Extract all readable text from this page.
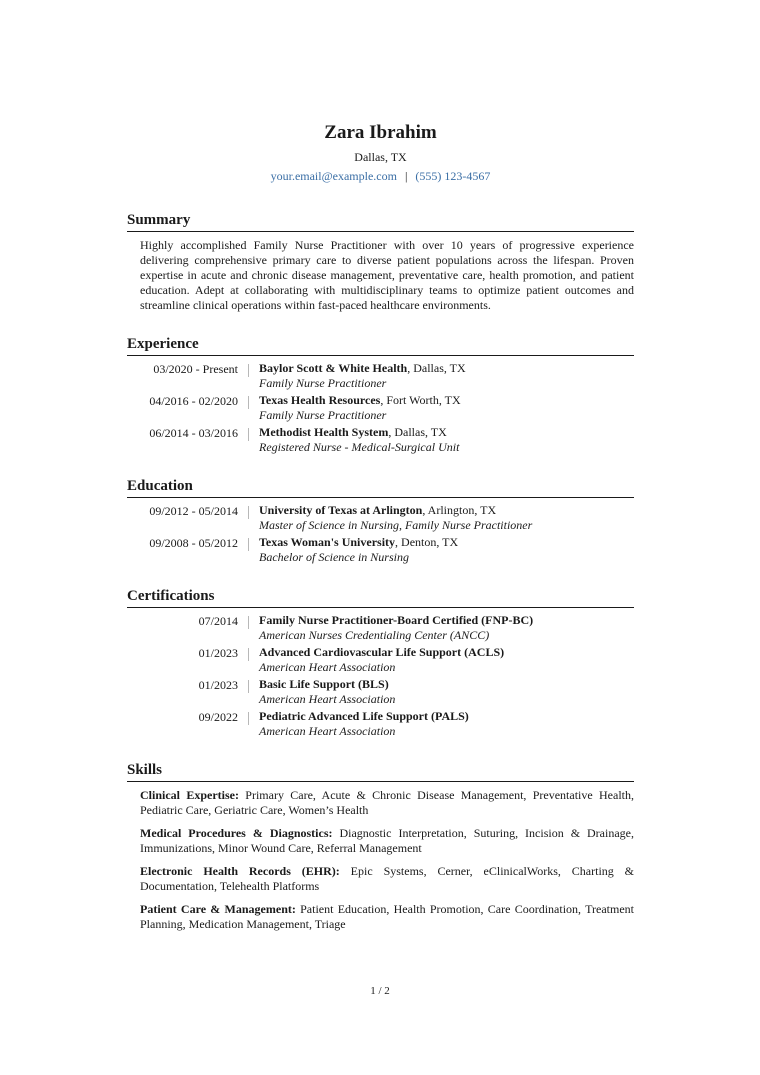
Zara Ibrahim
Dallas, TX
your.email@example.com | (555) 123-4567
Summary
Highly accomplished Family Nurse Practitioner with over 10 years of progressive experience delivering comprehensive primary care to diverse patient populations across the lifespan. Proven expertise in acute and chronic disease management, preventative care, health promotion, and patient education. Adept at collaborating with multidisciplinary teams to optimize patient outcomes and streamline clinical operations within fast-paced healthcare environments.
Experience
03/2020 - Present Baylor Scott & White Health, Dallas, TX
Family Nurse Practitioner
04/2016 - 02/2020 Texas Health Resources, Fort Worth, TX
Family Nurse Practitioner
06/2014 - 03/2016 Methodist Health System, Dallas, TX
Registered Nurse - Medical-Surgical Unit
Education
09/2012 - 05/2014 University of Texas at Arlington, Arlington, TX
Master of Science in Nursing, Family Nurse Practitioner
09/2008 - 05/2012 Texas Woman's University, Denton, TX
Bachelor of Science in Nursing
Certifications
07/2014 Family Nurse Practitioner-Board Certified (FNP-BC)
American Nurses Credentialing Center (ANCC)
01/2023 Advanced Cardiovascular Life Support (ACLS)
American Heart Association
01/2023 Basic Life Support (BLS)
American Heart Association
09/2022 Pediatric Advanced Life Support (PALS)
American Heart Association
Skills
Clinical Expertise: Primary Care, Acute & Chronic Disease Management, Preventative Health, Pediatric Care, Geriatric Care, Women’s Health
Medical Procedures & Diagnostics: Diagnostic Interpretation, Suturing, Incision & Drainage, Immunizations, Minor Wound Care, Referral Management
Electronic Health Records (EHR): Epic Systems, Cerner, eClinicalWorks, Charting & Documentation, Telehealth Platforms
Patient Care & Management: Patient Education, Health Promotion, Care Coordination, Treatment Planning, Medication Management, Triage
1 / 2
